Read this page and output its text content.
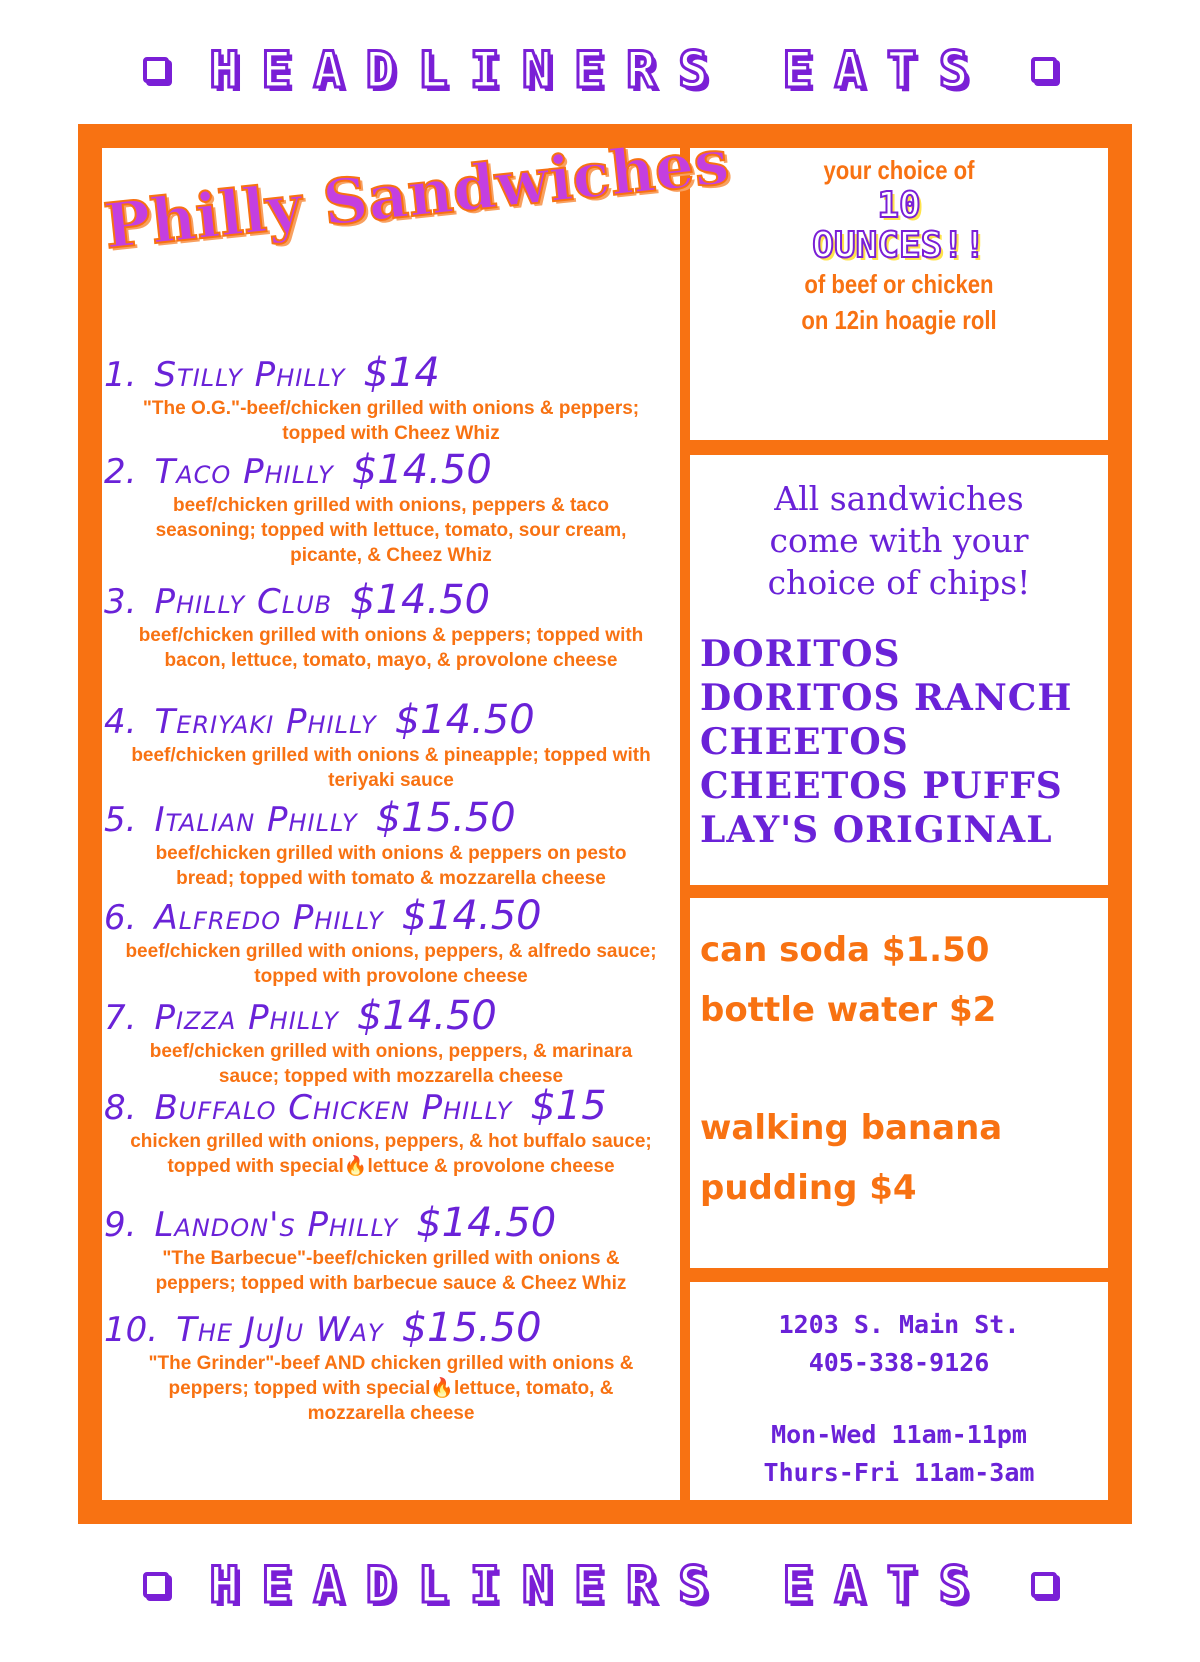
HEADLINERS EATS
Philly Sandwiches	your choice of
10
OUNCES!!
of beef or chicken
on 12in hoagie roll
1. Stilly Philly $14
"The O.G."-beef/chicken grilled with onions & peppers; topped with Cheez Whiz
2. Taco Philly $14.50
beef/chicken grilled with onions, peppers & taco seasoning; topped with lettuce, tomato, sour cream, picante, & Cheez Whiz
3. Philly Club $14.50
beef/chicken grilled with onions & peppers; topped with bacon, lettuce, tomato, mayo, & provolone cheese
4. Teriyaki Philly $14.50
beef/chicken grilled with onions & pineapple; topped with teriyaki sauce
5. Italian Philly $15.50
beef/chicken grilled with onions & peppers on pesto bread; topped with tomato & mozzarella cheese
6. Alfredo Philly $14.50
beef/chicken grilled with onions, peppers, & alfredo sauce; topped with provolone cheese
7. Pizza Philly $14.50
beef/chicken grilled with onions, peppers, & marinara sauce; topped with mozzarella cheese
8. Buffalo Chicken Philly $15
chicken grilled with onions, peppers, & hot buffalo sauce; topped with special🔥lettuce & provolone cheese
9. Landon's Philly $14.50
"The Barbecue"-beef/chicken grilled with onions & peppers; topped with barbecue sauce & Cheez Whiz
10. The JuJu Way $15.50
"The Grinder"-beef AND chicken grilled with onions & peppers; topped with special🔥lettuce, tomato, & mozzarella cheese
All sandwiches
come with your
choice of chips!
DORITOS
DORITOS RANCH
CHEETOS
CHEETOS PUFFS
LAY'S ORIGINAL
can soda $1.50
bottle water $2
walking banana
pudding $4
1203 S. Main St.
405-338-9126
Mon-Wed 11am-11pm
Thurs-Fri 11am-3am
HEADLINERS EATS
